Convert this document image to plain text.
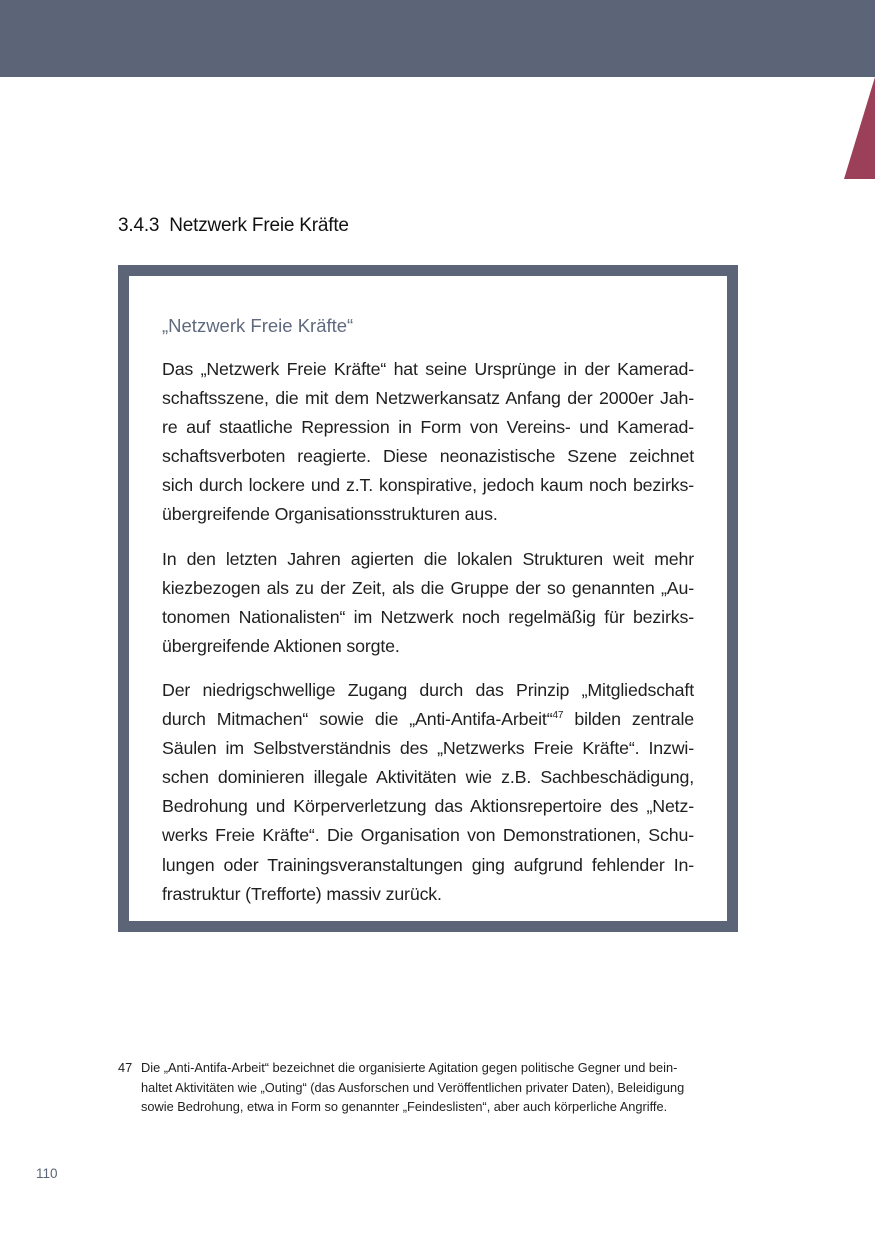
3.4.3 Netzwerk Freie Kräfte
„Netzwerk Freie Kräfte“

Das „Netzwerk Freie Kräfte“ hat seine Ursprünge in der Kamerad-
schaftsszene, die mit dem Netzwerkansatz Anfang der 2000er Jah-
re auf staatliche Repression in Form von Vereins- und Kamerad-
schaftsverboten reagierte. Diese neonazistische Szene zeichnet
sich durch lockere und z.T. konspirative, jedoch kaum noch bezirks-
übergreifende Organisationsstrukturen aus.

In den letzten Jahren agierten die lokalen Strukturen weit mehr
kiezbezogen als zu der Zeit, als die Gruppe der so genannten „Au-
tonomen Nationalisten“ im Netzwerk noch regelmäßig für bezirks-
übergreifende Aktionen sorgte.

Der niedrigschwellige Zugang durch das Prinzip „Mitgliedschaft
durch Mitmachen“ sowie die „Anti-Antifa-Arbeit“$^{47}$ bilden zentrale
Säulen im Selbstverständnis des „Netzwerks Freie Kräfte“. Inzwi-
schen dominieren illegale Aktivitäten wie z.B. Sachbeschädigung,
Bedrohung und Körperverletzung das Aktionsrepertoire des „Netz-
werks Freie Kräfte“. Die Organisation von Demonstrationen, Schu-
lungen oder Trainingsveranstaltungen ging aufgrund fehlender In-
frastruktur (Trefforte) massiv zurück.

47 Die „Anti-Antifa-Arbeit“ bezeichnet die organisierte Agitation gegen politische Gegner und bein-
haltet Aktivitäten wie „Outing“ (das Ausforschen und Veröffentlichen privater Daten), Beleidigung
sowie Bedrohung, etwa in Form so genannter „Feindeslisten“, aber auch körperliche Angriffe.
110
